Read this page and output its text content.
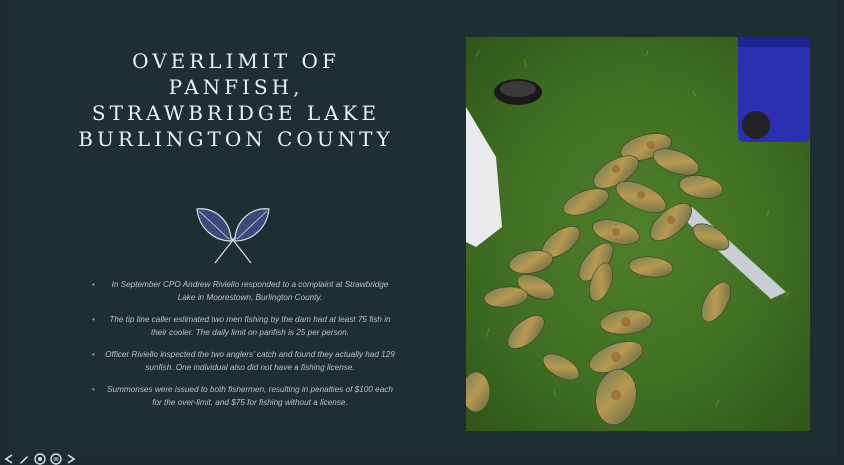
OVERLIMIT OF
PANFISH,
STRAWBRIDGE LAKE
BURLINGTON COUNTY
• In September CPO Andrew Riviello responded to a complaint at Strawbridge Lake in Moorestown, Burlington County.
• The tip line caller estimated two men fishing by the dam had at least 75 fish in their cooler. The daily limit on panfish is 25 per person.
• Officer Riviello inspected the two anglers' catch and found they actually had 129 sunfish. One individual also did not have a fishing license.
• Summonses were issued to both fishermen, resulting in penalties of $100 each for the over-limit, and $75 for fishing without a license.
